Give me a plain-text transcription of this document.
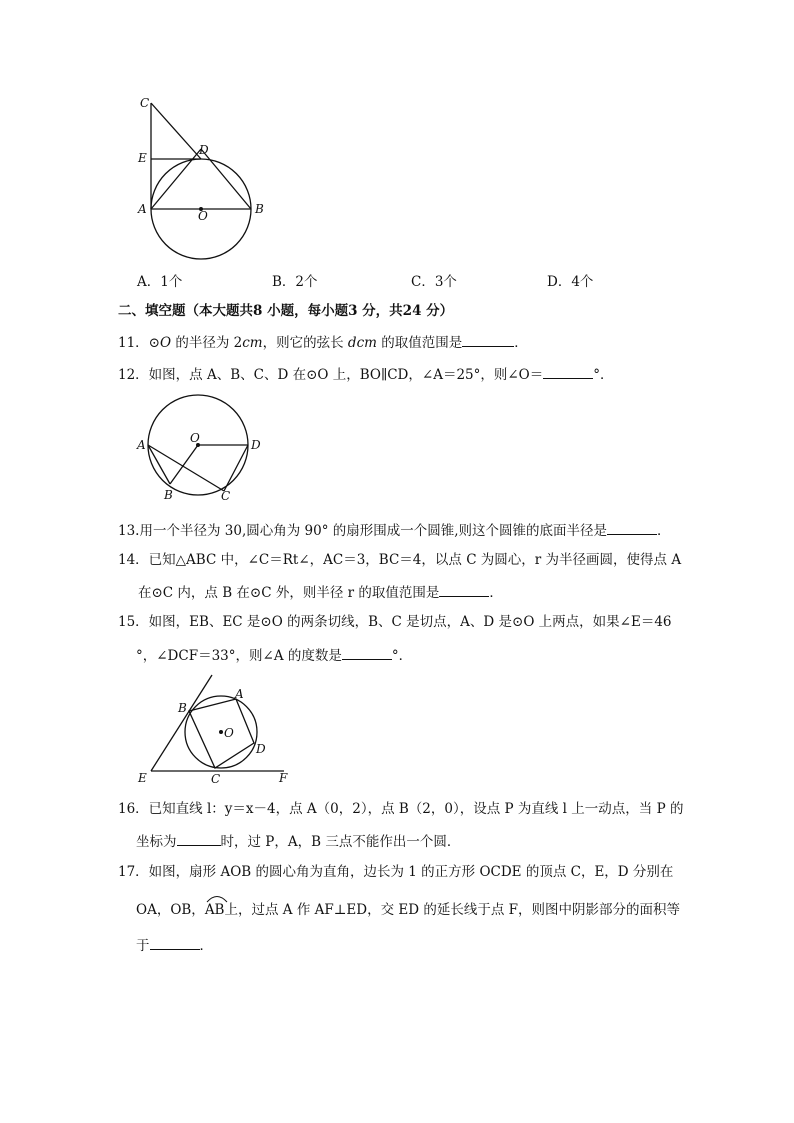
C
E
D
A	O	B
A．1个	B．2个	C．3个	D．4个
二、填空题（本大题共8 小题，每小题3 分，共24 分）
11．⊙O 的半径为 2cm，则它的弦长 dcm 的取值范围是	．
12．如图，点 A、B、C、D 在⊙O 上，BO∥CD，∠A＝25°，则∠O＝	°．
A	O	D
B	C
13.用一个半径为 30,圆心角为 90° 的扇形围成一个圆锥,则这个圆锥的底面半径是	．
14．已知△ABC 中，∠C＝Rt∠，AC＝3，BC＝4，以点 C 为圆心，r 为半径画圆，使得点 A
在⊙C 内，点 B 在⊙C 外，则半径 r 的取值范围是	．
15．如图，EB、EC 是⊙O 的两条切线，B、C 是切点，A、D 是⊙O 上两点，如果∠E＝46
°，∠DCF＝33°，则∠A 的度数是	°．
B
A
O
D
E	C	F
16．已知直线 l：y＝x－4，点 A（0，2），点 B（2，0），设点 P 为直线 l 上一动点，当 P 的
坐标为	时，过 P，A，B 三点不能作出一个圆．
17．如图，扇形 AOB 的圆心角为直角，边长为 1 的正方形 OCDE 的顶点 C，E，D 分别在
OA，OB，
AB上，过点 A 作 AF⊥ED，交 ED 的延长线于点 F，则图中阴影部分的面积等
于	．
